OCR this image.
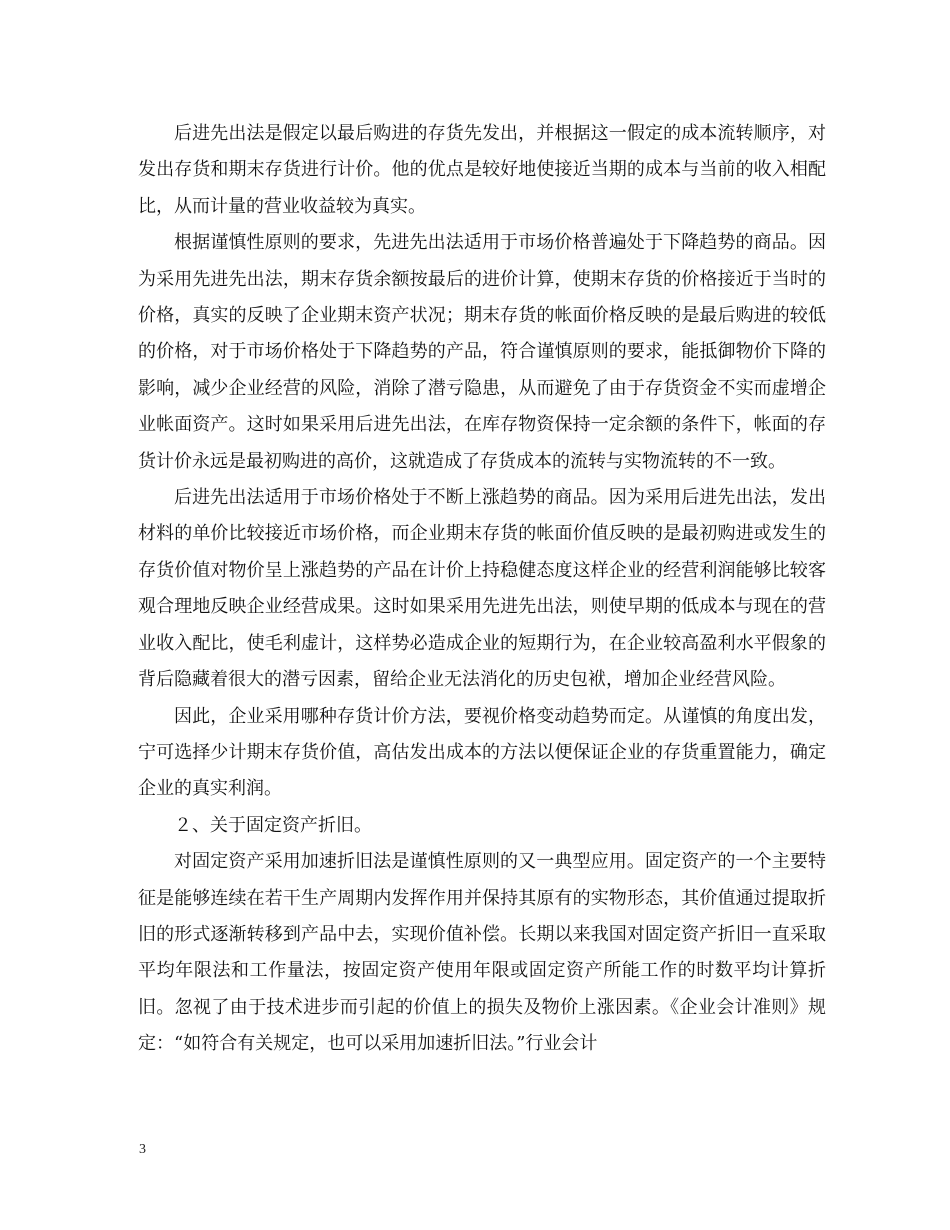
后进先出法是假定以最后购进的存货先发出，并根据这一假定的成本流转顺序，对发出存货和期末存货进行计价。他的优点是较好地使接近当期的成本与当前的收入相配比，从而计量的营业收益较为真实。

根据谨慎性原则的要求，先进先出法适用于市场价格普遍处于下降趋势的商品。因为采用先进先出法，期末存货余额按最后的进价计算，使期末存货的价格接近于当时的价格，真实的反映了企业期末资产状况；期末存货的帐面价格反映的是最后购进的较低的价格，对于市场价格处于下降趋势的产品，符合谨慎原则的要求，能抵御物价下降的影响，减少企业经营的风险，消除了潜亏隐患，从而避免了由于存货资金不实而虚增企业帐面资产。这时如果采用后进先出法，在库存物资保持一定余额的条件下，帐面的存货计价永远是最初购进的高价，这就造成了存货成本的流转与实物流转的不一致。

后进先出法适用于市场价格处于不断上涨趋势的商品。因为采用后进先出法，发出材料的单价比较接近市场价格，而企业期末存货的帐面价值反映的是最初购进或发生的存货价值对物价呈上涨趋势的产品在计价上持稳健态度这样企业的经营利润能够比较客观合理地反映企业经营成果。这时如果采用先进先出法，则使早期的低成本与现在的营业收入配比，使毛利虚计，这样势必造成企业的短期行为，在企业较高盈利水平假象的背后隐藏着很大的潜亏因素，留给企业无法消化的历史包袱，增加企业经营风险。

因此，企业采用哪种存货计价方法，要视价格变动趋势而定。从谨慎的角度出发，宁可选择少计期末存货价值，高估发出成本的方法以便保证企业的存货重置能力，确定企业的真实利润。

２、关于固定资产折旧。

对固定资产采用加速折旧法是谨慎性原则的又一典型应用。固定资产的一个主要特征是能够连续在若干生产周期内发挥作用并保持其原有的实物形态，其价值通过提取折旧的形式逐渐转移到产品中去，实现价值补偿。长期以来我国对固定资产折旧一直采取平均年限法和工作量法，按固定资产使用年限或固定资产所能工作的时数平均计算折旧。忽视了由于技术进步而引起的价值上的损失及物价上涨因素。《企业会计准则》规定：“如符合有关规定，也可以采用加速折旧法。”行业会计

3
